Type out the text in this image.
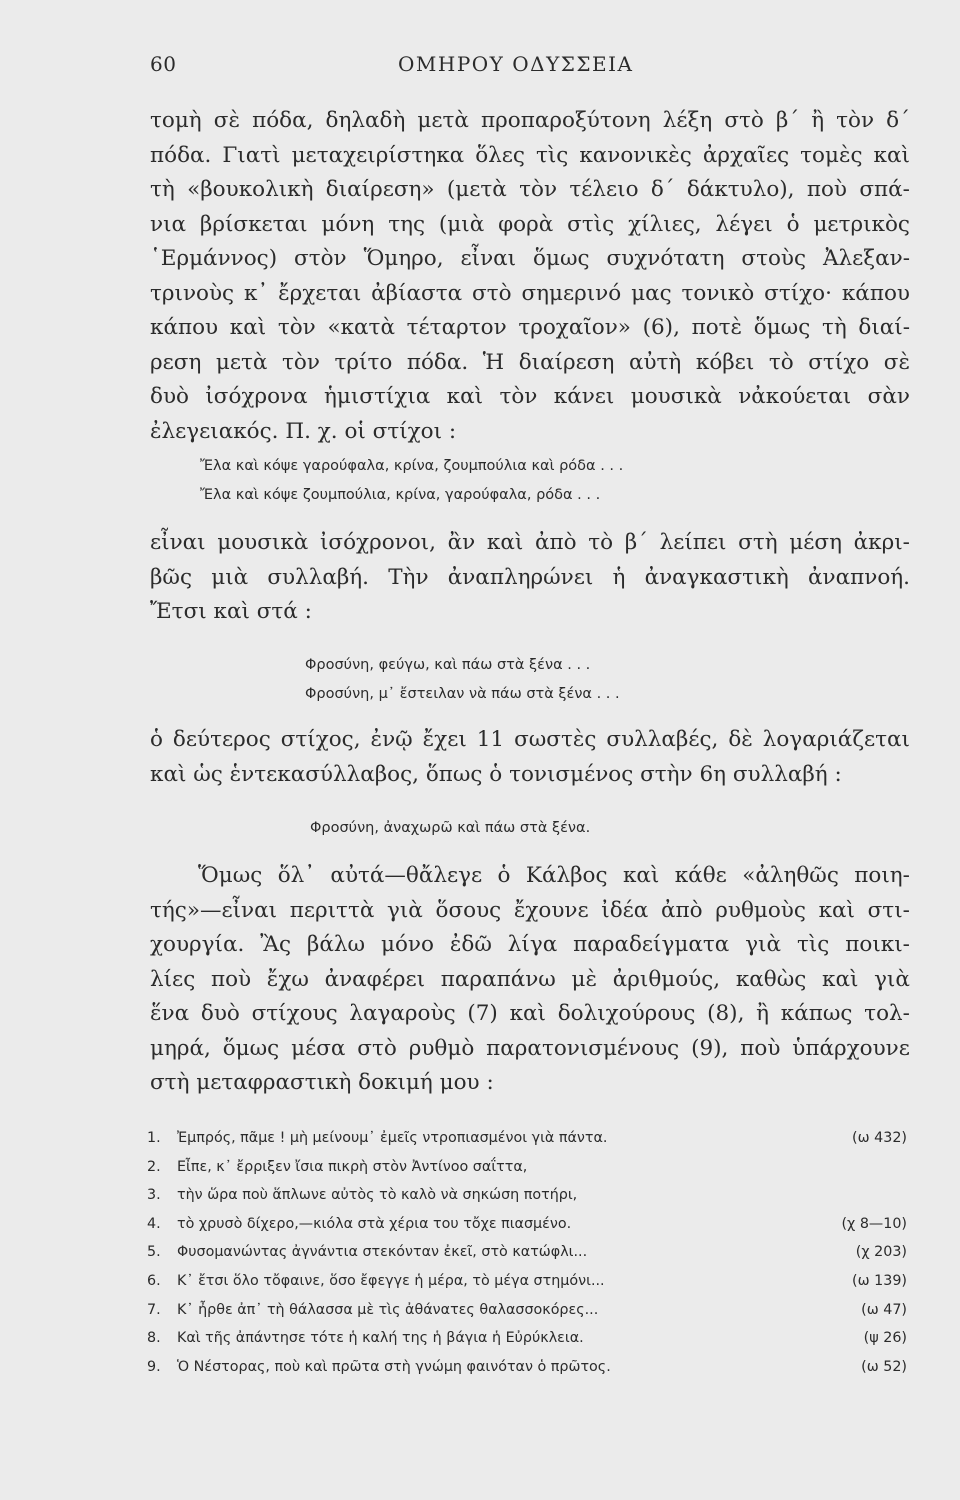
60	ΟΜΗΡΟΥ ΟΔΥΣΣΕΙΑ
τομὴ σὲ πόδα, δηλαδὴ μετὰ προπαροξύτονη λέξη στὸ β΄ ἢ τὸν δ΄
πόδα. Γιατὶ μεταχειρίστηκα ὅλες τὶς κανονικὲς ἀρχαῖες τομὲς καὶ
τὴ «βουκολικὴ διαίρεση» (μετὰ τὸν τέλειο δ΄ δάκτυλο), ποὺ σπά-
νια βρίσκεται μόνη της (μιὰ φορὰ στὶς χίλιες, λέγει ὁ μετρικὸς
῾Ερμάννος) στὸν Ὅμηρο, εἶναι ὅμως συχνότατη στοὺς Ἀλεξαν-
τρινοὺς κ᾿ ἔρχεται ἀβίαστα στὸ σημερινό μας τονικὸ στίχο· κάπου
κάπου καὶ τὸν «κατὰ τέταρτον τροχαῖον» (6), ποτὲ ὅμως τὴ διαί-
ρεση μετὰ τὸν τρίτο πόδα. Ἡ διαίρεση αὐτὴ κόβει τὸ στίχο σὲ
δυὸ ἰσόχρονα ἡμιστίχια καὶ τὸν κάνει μουσικὰ νἀκούεται σὰν
ἐλεγειακός. Π. χ. οἱ στίχοι :
Ἔλα καὶ κόψε γαρούφαλα, κρίνα, ζουμπούλια καὶ ρόδα . . .
Ἔλα καὶ κόψε ζουμπούλια, κρίνα, γαρούφαλα, ρόδα . . .
εἶναι μουσικὰ ἰσόχρονοι, ἂν καὶ ἀπὸ τὸ β΄ λείπει στὴ μέση ἀκρι-
βῶς μιὰ συλλαβή. Τὴν ἀναπληρώνει ἡ ἀναγκαστικὴ ἀναπνοή.
Ἔτσι καὶ στά :
Φροσύνη, φεύγω, καὶ πάω στὰ ξένα . . .
Φροσύνη, μ᾿ ἔστειλαν νὰ πάω στὰ ξένα . . .
ὁ δεύτερος στίχος, ἐνῷ ἔχει 11 σωστὲς συλλαβές, δὲ λογαριάζεται
καὶ ὡς ἑντεκασύλλαβος, ὅπως ὁ τονισμένος στὴν 6η συλλαβή :
Φροσύνη, ἀναχωρῶ καὶ πάω στὰ ξένα.
Ὅμως ὅλ᾿ αὐτά—θἄλεγε ὁ Κάλβος καὶ κάθε «ἀληθῶς ποιη-
τής»—εἶναι περιττὰ γιὰ ὅσους ἔχουνε ἰδέα ἀπὸ ρυθμοὺς καὶ στι-
χουργία. Ἂς βάλω μόνο ἐδῶ λίγα παραδείγματα γιὰ τὶς ποικι-
λίες ποὺ ἔχω ἀναφέρει παραπάνω μὲ ἀριθμούς, καθὼς καὶ γιὰ
ἕνα δυὸ στίχους λαγαροὺς (7) καὶ δολιχούρους (8), ἢ κάπως τολ-
μηρά, ὅμως μέσα στὸ ρυθμὸ παρατονισμένους (9), ποὺ ὑπάρχουνε
στὴ μεταφραστικὴ δοκιμή μου :
1.	Ἐμπρός, πᾶμε ! μὴ μείνουμ᾿ ἐμεῖς ντροπιασμένοι γιὰ πάντα.	(ω 432)
2.	Εἶπε, κ᾿ ἔρριξεν ἴσια πικρὴ στὸν Ἀντίνοο σαΐττα,
3.	τὴν ὥρα ποὺ ἅπλωνε αὐτὸς τὸ καλὸ νὰ σηκώση ποτήρι,
4.	τὸ χρυσὸ δίχερο,—κιόλα στὰ χέρια του τὄχε πιασμένο.	(χ 8—10)
5.	Φυσομανώντας ἀγνάντια στεκόνταν ἐκεῖ, στὸ κατώφλι...	(χ 203)
6.	Κ᾿ ἔτσι ὅλο τὄφαινε, ὅσο ἔφεγγε ἡ μέρα, τὸ μέγα στημόνι...	(ω 139)
7.	Κ᾿ ἦρθε ἀπ᾿ τὴ θάλασσα μὲ τὶς ἀθάνατες θαλασσοκόρες...	(ω 47)
8.	Καὶ τῆς ἀπάντησε τότε ἡ καλή της ἡ βάγια ἡ Εὐρύκλεια.	(ψ 26)
9.	Ὁ Νέστορας, ποὺ καὶ πρῶτα στὴ γνώμη φαινόταν ὁ πρῶτος.	(ω 52)
